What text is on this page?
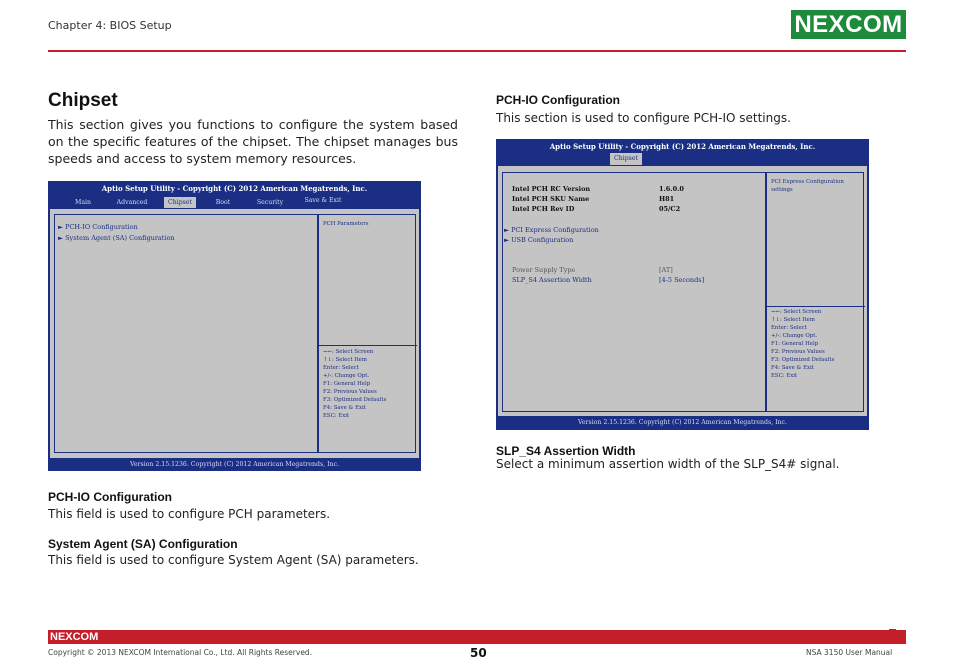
Chapter 4: BIOS Setup	NEXCOM
Chipset
This section gives you functions to configure the system based on the specific features of the chipset. The chipset manages bus speeds and access to system memory resources.
Aptio Setup Utility - Copyright (C) 2012 American Megatrends, Inc.
Main	Advanced	Chipset	Boot	Security	Save & Exit
► PCH-IO Configuration
► System Agent (SA) Configuration
PCH Parameters
→←: Select Screen
↑↓: Select Item
Enter: Select
+/-: Change Opt.
F1: General Help
F2: Previous Values
F3: Optimized Defaults
F4: Save & Exit
ESC: Exit
Version 2.15.1236. Copyright (C) 2012 American Megatrends, Inc.
PCH-IO Configuration
This field is used to configure PCH parameters.
System Agent (SA) Configuration
This field is used to configure System Agent (SA) parameters.
PCH-IO Configuration
This section is used to configure PCH-IO settings.
Aptio Setup Utility - Copyright (C) 2012 American Megatrends, Inc.
Chipset
Intel PCH RC Version	1.6.0.0
Intel PCH SKU Name	H81
Intel PCH Rev ID	05/C2
► PCI Express Configuration
► USB Configuration
Power Supply Type	[AT]
SLP_S4 Assertion Width	[4-5 Seconds]
PCI Express Configuration settings
→←: Select Screen
↑↓: Select Item
Enter: Select
+/-: Change Opt.
F1: General Help
F2: Previous Values
F3: Optimized Defaults
F4: Save & Exit
ESC: Exit
Version 2.15.1236. Copyright (C) 2012 American Megatrends, Inc.
SLP_S4 Assertion Width
Select a minimum assertion width of the SLP_S4# signal.
NEXCOM
Copyright © 2013 NEXCOM International Co., Ltd. All Rights Reserved.	50	NSA 3150 User Manual
